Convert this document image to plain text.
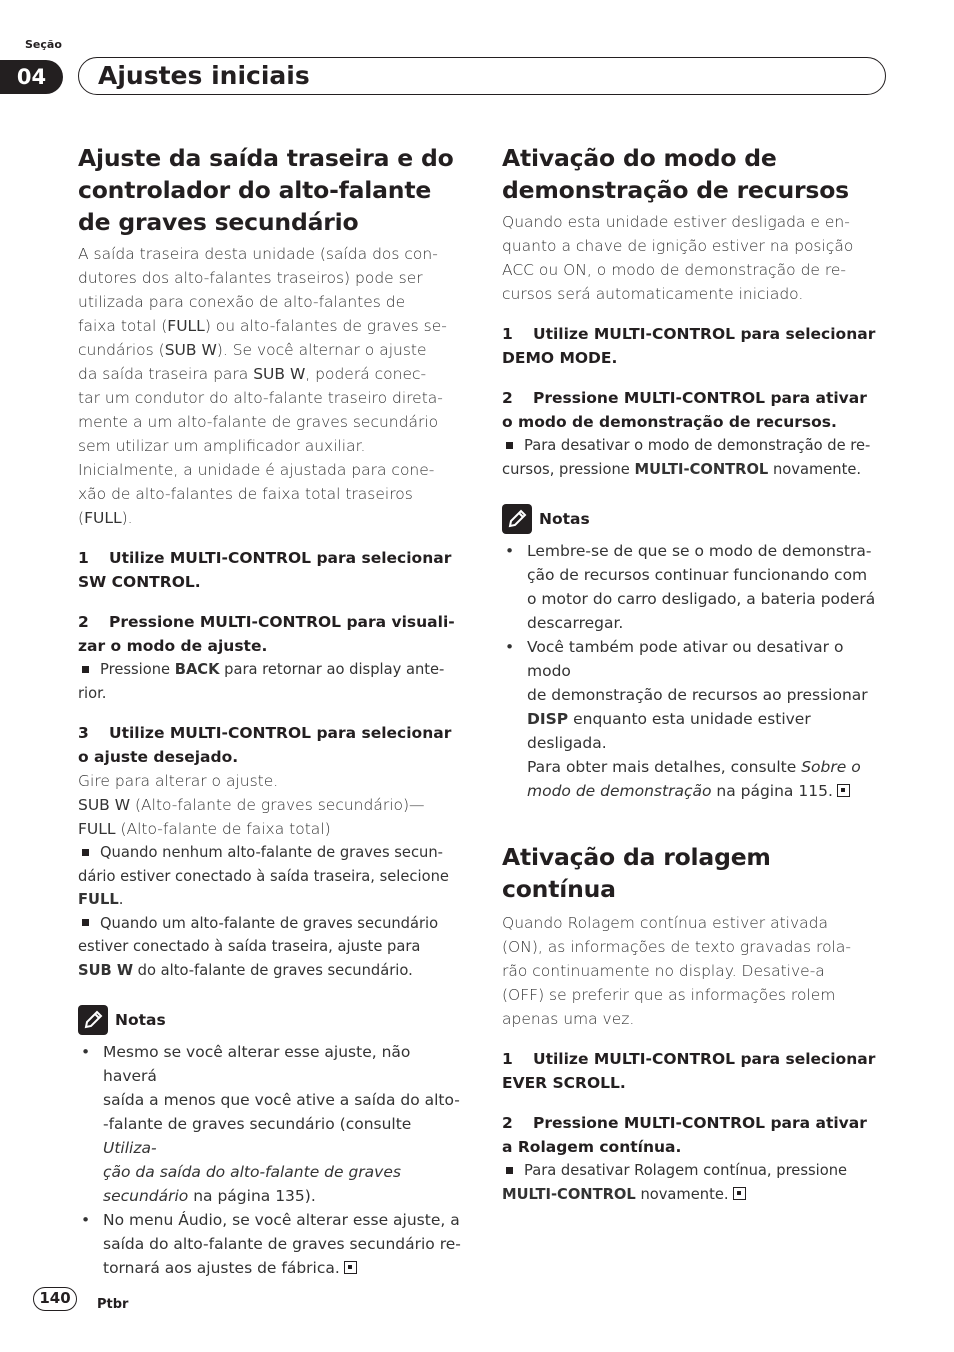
Seção
04	Ajustes iniciais
Ajuste da saída traseira e do controlador do alto-falante de graves secundário
A saída traseira desta unidade (saída dos con-
dutores dos alto-falantes traseiros) pode ser
utilizada para conexão de alto-falantes de
faixa total (FULL) ou alto-falantes de graves se-
cundários (SUB W). Se você alternar o ajuste
da saída traseira para SUB W, poderá conec-
tar um condutor do alto-falante traseiro direta-
mente a um alto-falante de graves secundário
sem utilizar um amplificador auxiliar.
Inicialmente, a unidade é ajustada para cone-
xão de alto-falantes de faixa total traseiros
(FULL).
1 Utilize MULTI-CONTROL para selecionar
SW CONTROL.
2 Pressione MULTI-CONTROL para visuali-
zar o modo de ajuste.
Pressione BACK para retornar ao display ante-
rior.
3 Utilize MULTI-CONTROL para selecionar
o ajuste desejado.
Gire para alterar o ajuste.
SUB W (Alto-falante de graves secundário)—
FULL (Alto-falante de faixa total)
Quando nenhum alto-falante de graves secun-
dário estiver conectado à saída traseira, selecione
FULL.
Quando um alto-falante de graves secundário
estiver conectado à saída traseira, ajuste para
SUB W do alto-falante de graves secundário.
Notas
• Mesmo se você alterar esse ajuste, não haverá
saída a menos que você ative a saída do alto-
-falante de graves secundário (consulte Utiliza-
ção da saída do alto-falante de graves
secundário na página 135).
• No menu Áudio, se você alterar esse ajuste, a
saída do alto-falante de graves secundário re-
tornará aos ajustes de fábrica.
Ativação do modo de demonstração de recursos
Quando esta unidade estiver desligada e en-
quanto a chave de ignição estiver na posição
ACC ou ON, o modo de demonstração de re-
cursos será automaticamente iniciado.
1 Utilize MULTI-CONTROL para selecionar
DEMO MODE.
2 Pressione MULTI-CONTROL para ativar
o modo de demonstração de recursos.
Para desativar o modo de demonstração de re-
cursos, pressione MULTI-CONTROL novamente.
Notas
• Lembre-se de que se o modo de demonstra-
ção de recursos continuar funcionando com
o motor do carro desligado, a bateria poderá
descarregar.
• Você também pode ativar ou desativar o modo
de demonstração de recursos ao pressionar
DISP enquanto esta unidade estiver desligada.
Para obter mais detalhes, consulte Sobre o
modo de demonstração na página 115.
Ativação da rolagem contínua
Quando Rolagem contínua estiver ativada
(ON), as informações de texto gravadas rola-
rão continuamente no display. Desative-a
(OFF) se preferir que as informações rolem
apenas uma vez.
1 Utilize MULTI-CONTROL para selecionar
EVER SCROLL.
2 Pressione MULTI-CONTROL para ativar
a Rolagem contínua.
Para desativar Rolagem contínua, pressione
MULTI-CONTROL novamente.
140	Ptbr
